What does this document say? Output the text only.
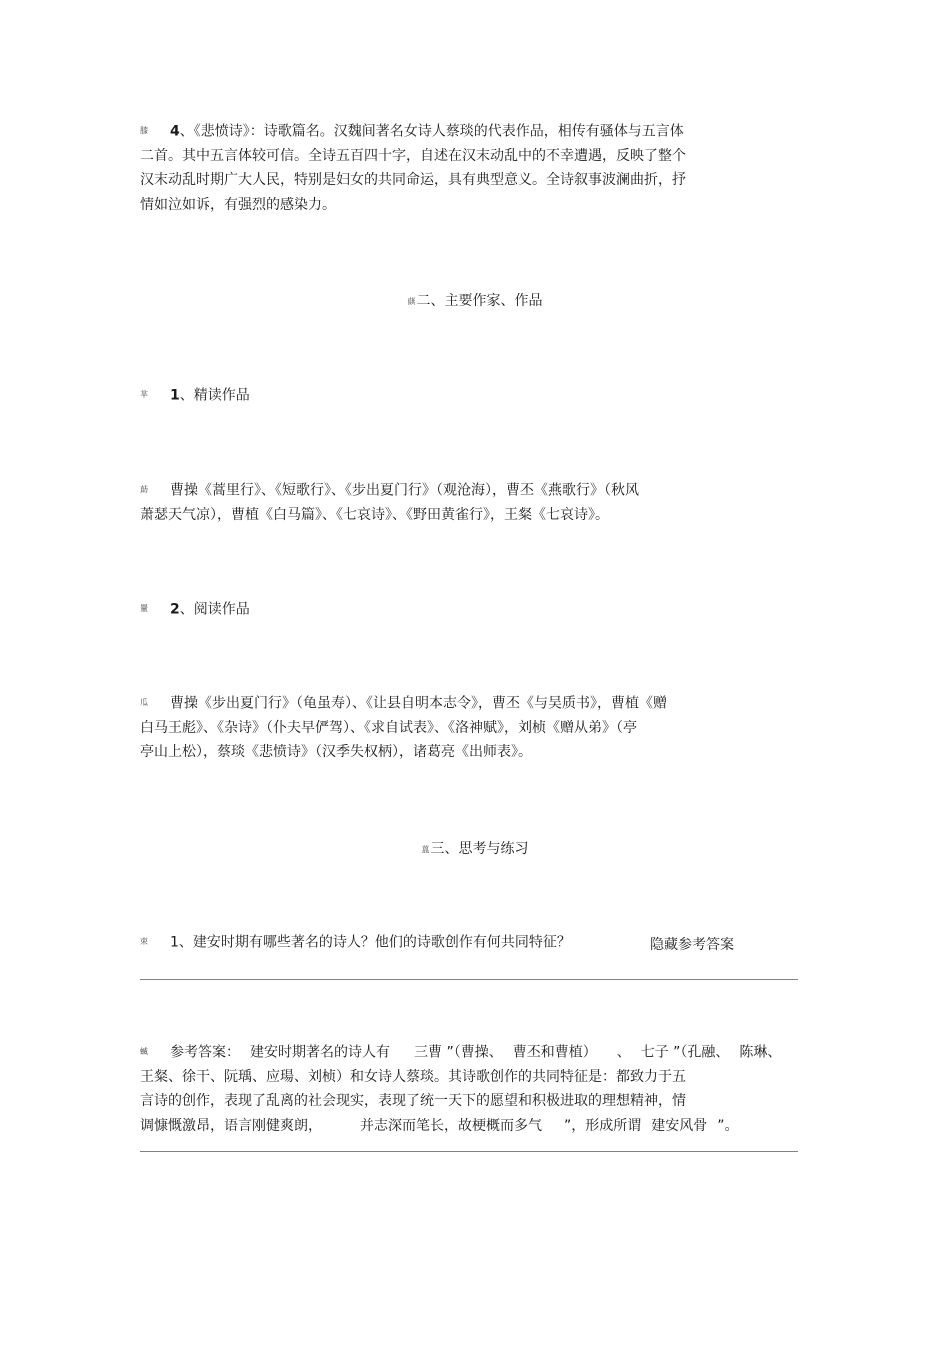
膝 4、《悲愤诗》：诗歌篇名。汉魏间著名女诗人蔡琰的代表作品，相传有骚体与五言体
二首。其中五言体较可信。全诗五百四十字，自述在汉末动乱中的不幸遭遇，反映了整个
汉末动乱时期广大人民，特别是妇女的共同命运，具有典型意义。全诗叙事波澜曲折，抒
情如泣如诉，有强烈的感染力。
蕻二、主要作家、作品
芈 1、精读作品
莇 曹操《蒿里行》、《短歌行》、《步出夏门行》（观沧海），曹丕《燕歌行》（秋风
萧瑟天气凉），曹植《白马篇》、《七哀诗》、《野田黄雀行》，王粲《七哀诗》。
罿 2、阅读作品
瓜 曹操《步出夏门行》（龟虽寿）、《让县自明本志令》，曹丕《与吴质书》，曹植《赠
白马王彪》、《杂诗》（仆夫早俨驾）、《求自试表》、《洛神赋》，刘桢《赠从弟》（亭
亭山上松），蔡琰《悲愤诗》（汉季失权柄），诸葛亮《出师表》。
蒕三、思考与练习
朿 1、建安时期有哪些著名的诗人？他们的诗歌创作有何共同特征？	隐藏参考答案
蝛 参考答案： 建安时期著名的诗人有 三曹 ”（曹操、 曹丕和曹植） 、 七子 ”（孔融、 陈琳、
王粲、徐干、阮瑀、应瑒、刘桢）和女诗人蔡琰。其诗歌创作的共同特征是：都致力于五
言诗的创作，表现了乱离的社会现实，表现了统一天下的愿望和积极进取的理想精神，情
调慷慨激昂，语言刚健爽朗，	并志深而笔长，故梗概而多气 ”，形成所谓 建安风骨 ”。
